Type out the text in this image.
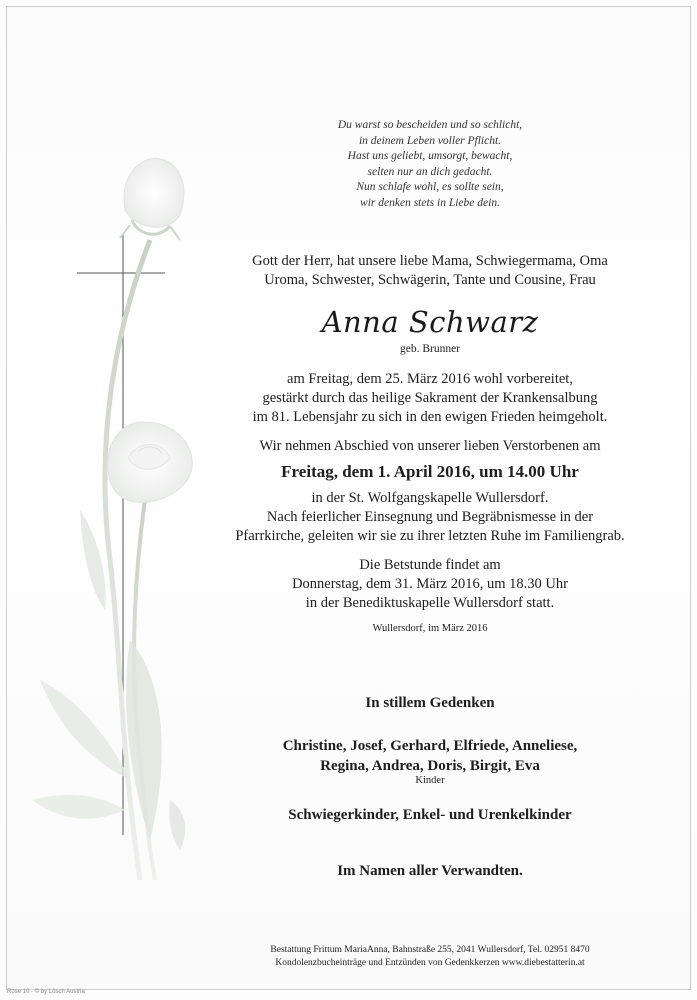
Du warst so bescheiden und so schlicht,
in deinem Leben voller Pflicht.
Hast uns geliebt, umsorgt, bewacht,
selten nur an dich gedacht.
Nun schlafe wohl, es sollte sein,
wir denken stets in Liebe dein.
Gott der Herr, hat unsere liebe Mama, Schwiegermama, Oma
Uroma, Schwester, Schwägerin, Tante und Cousine, Frau
Anna Schwarz
geb. Brunner
am Freitag, dem 25. März 2016 wohl vorbereitet,
gestärkt durch das heilige Sakrament der Krankensalbung
im 81. Lebensjahr zu sich in den ewigen Frieden heimgeholt.
Wir nehmen Abschied von unserer lieben Verstorbenen am
Freitag, dem 1. April 2016, um 14.00 Uhr
in der St. Wolfgangskapelle Wullersdorf.
Nach feierlicher Einsegnung und Begräbnismesse in der
Pfarrkirche, geleiten wir sie zu ihrer letzten Ruhe im Familiengrab.
Die Betstunde findet am
Donnerstag, dem 31. März 2016, um 18.30 Uhr
in der Benediktuskapelle Wullersdorf statt.
Wullersdorf, im März 2016
In stillem Gedenken
Christine, Josef, Gerhard, Elfriede, Anneliese,
Regina, Andrea, Doris, Birgit, Eva
Kinder
Schwiegerkinder, Enkel- und Urenkelkinder
Im Namen aller Verwandten.
Bestattung Frittum MariaAnna, Bahnstraße 255, 2041 Wullersdorf, Tel. 02951 8470
Kondolenzbucheinträge und Entzünden von Gedenkkerzen www.diebestatterin.at
Rose 10 - © by Lösch Austria
